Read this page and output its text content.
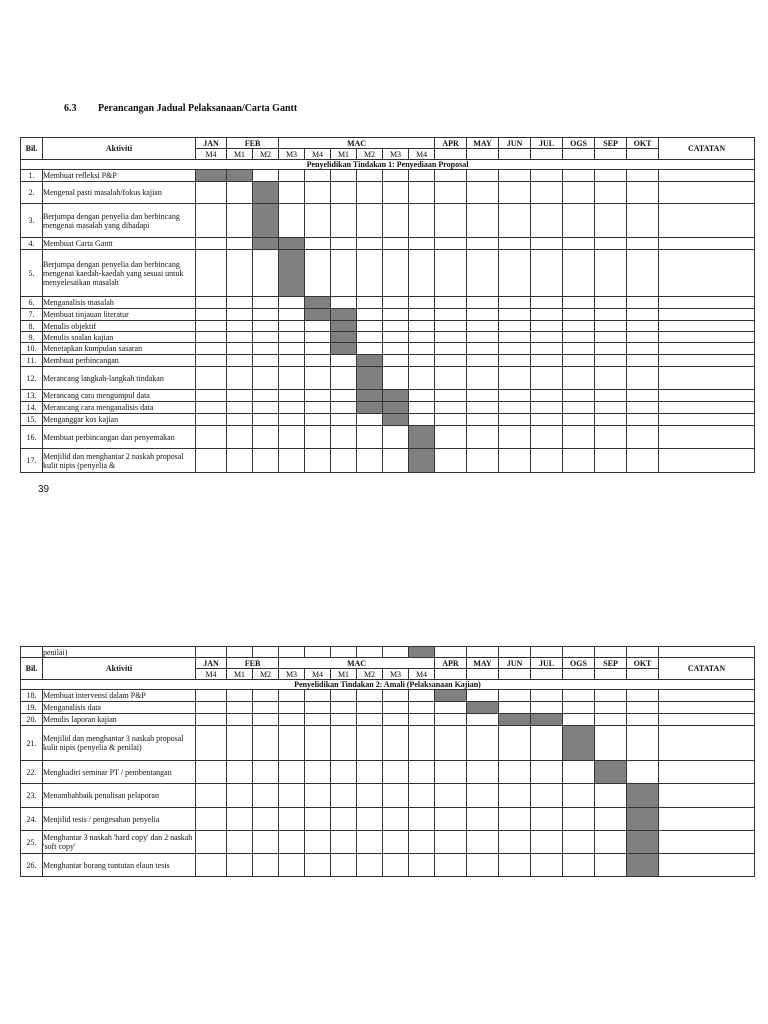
6.3 Perancangan Jadual Pelaksanaan/Carta Gantt
Bil.	Aktiviti	JAN	FEB		MAC						APR	MAY	JUN	JUL	OGS	SEP	OKT	CATATAN	
		M4	M1	M2	M3	M4	M1	M2	M3	M4									
Penyelidikan Tindakan 1: Penyediaan Proposal																			
1.	Membuat refleksi P&P																		
2.	Mengenal pasti masalah/fokus kajian																		
3.	Berjumpa dengan penyelia dan berbincang mengenai masalah yang dihadapi																		
4.	Membuat Carta Gantt																		
5.	Berjumpa dengan penyelia dan berbincang mengenai kaedah-kaedah yang sesuai untuk menyelesaikan masalah																		
6.	Menganalisis masalah																		
7.	Membuat tinjauan literatur																		
8.	Menulis objektif																		
9.	Menulis soalan kajian																		
10.	Menetapkan kumpulan sasaran																		
11.	Membuat perbincangan																		
12.	Merancang langkah-langkah tindakan																		
13.	Merancang cara mengumpul data																		
14.	Merancang cara menganalisis data																		
15.	Menganggar kos kajian																		
16.	Membuat perbincangan dan penyemakan																		
17.	Menjilid dan menghantar 2 naskah proposal kulit nipis (penyelia &																		
39
	penilai)																		
Bil.	Aktiviti	JAN	FEB		MAC						APR	MAY	JUN	JUL	OGS	SEP	OKT	CATATAN	
		M4	M1	M2	M3	M4	M1	M2	M3	M4									
Penyelidikan Tindakan 2: Amali (Pelaksanaan Kajian)																			
18.	Membuat intervensi dalam P&P																		
19.	Menganalisis data																		
20.	Menulis laporan kajian																		
21.	Menjilid dan menghantar 3 naskah proposal kulit nipis (penyelia & penilai)																		
22.	Menghadiri seminar PT / pembentangan																		
23.	Menambahbaik penulisan pelaporan																		
24.	Menjilid tesis / pengesahan penyelia																		
25.	Menghantar 3 naskah 'hard copy' dan 2 naskah 'soft copy'																		
26.	Menghantar borang tuntutan elaun tesis																		
